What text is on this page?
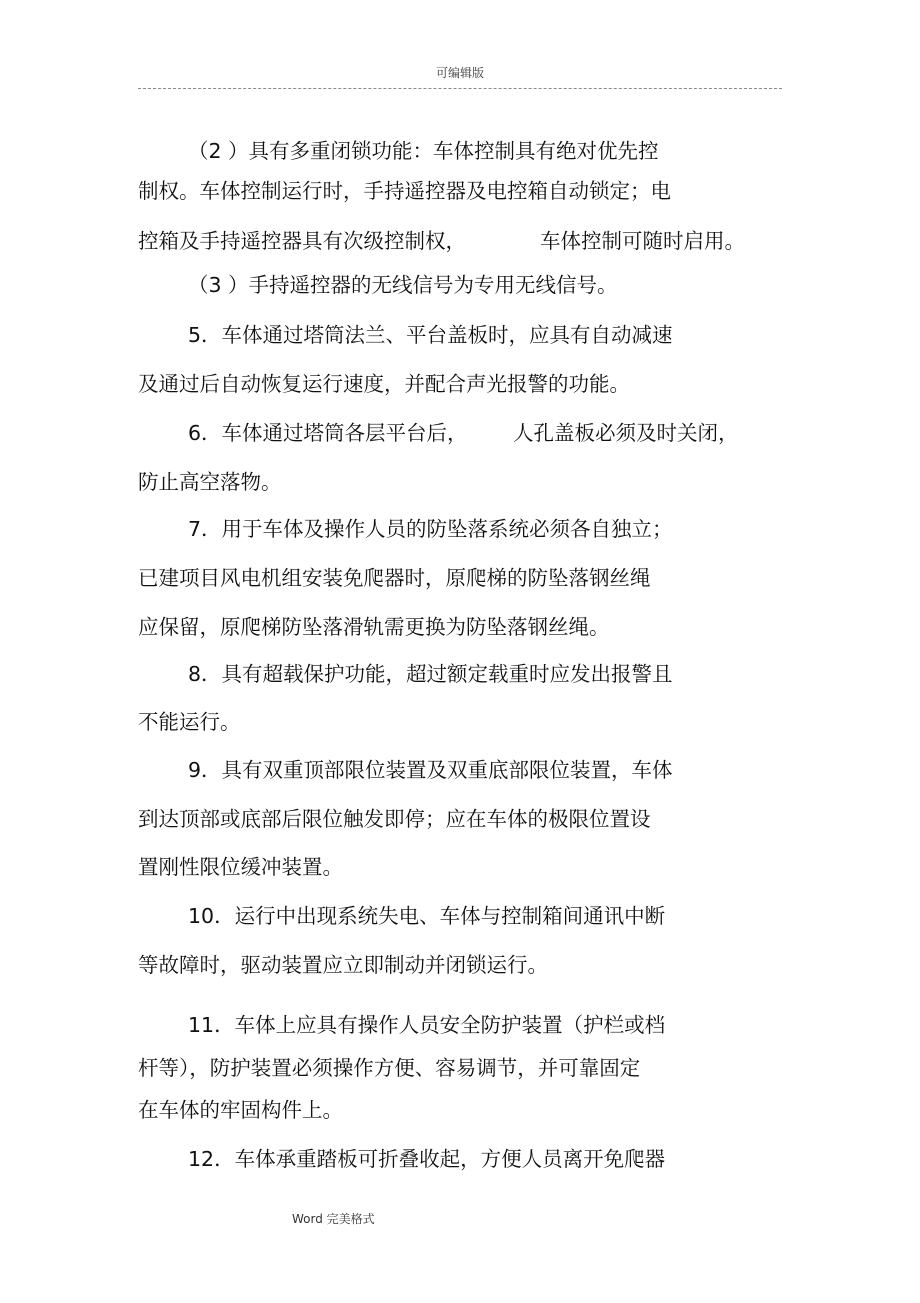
可编辑版
（2 ）具有多重闭锁功能：车体控制具有绝对优先控
制权。车体控制运行时，手持遥控器及电控箱自动锁定；电
控箱及手持遥控器具有次级控制权，	车体控制可随时启用。
（3 ）手持遥控器的无线信号为专用无线信号。
5．车体通过塔筒法兰、平台盖板时，应具有自动减速
及通过后自动恢复运行速度，并配合声光报警的功能。
6．车体通过塔筒各层平台后， 人孔盖板必须及时关闭，
防止高空落物。
7．用于车体及操作人员的防坠落系统必须各自独立；
已建项目风电机组安装免爬器时，原爬梯的防坠落钢丝绳
应保留，原爬梯防坠落滑轨需更换为防坠落钢丝绳。
8．具有超载保护功能，超过额定载重时应发出报警且
不能运行。
9．具有双重顶部限位装置及双重底部限位装置，车体
到达顶部或底部后限位触发即停；应在车体的极限位置设
置刚性限位缓冲装置。
10．运行中出现系统失电、车体与控制箱间通讯中断
等故障时，驱动装置应立即制动并闭锁运行。
11．车体上应具有操作人员安全防护装置（护栏或档
杆等），防护装置必须操作方便、容易调节，并可靠固定
在车体的牢固构件上。
12．车体承重踏板可折叠收起，方便人员离开免爬器
Word 完美格式
